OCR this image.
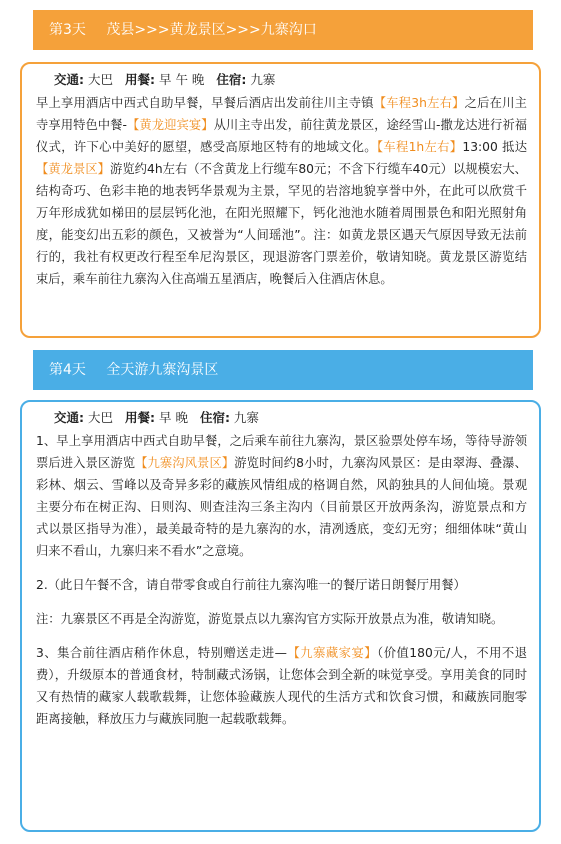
第3天 茂县>>>黄龙景区>>>九寨沟口
交通: 大巴 用餐: 早 午 晚 住宿: 九寨

早上享用酒店中西式自助早餐，早餐后酒店出发前往川主寺镇【车程3h左右】之后在川主寺享用特色中餐-【黄龙迎宾宴】从川主寺出发，前往黄龙景区，途经雪山-撒龙达进行祈福仪式，许下心中美好的愿望，感受高原地区特有的地域文化。【车程1h左右】13:00 抵达【黄龙景区】游览约4h左右（不含黄龙上行缆车80元；不含下行缆车40元）以规模宏大、结构奇巧、色彩丰艳的地表钙华景观为主景，罕见的岩溶地貌享誉中外，在此可以欣赏千万年形成犹如梯田的层层钙化池，在阳光照耀下，钙化池池水随着周围景色和阳光照射角度，能变幻出五彩的颜色，又被誉为“人间瑶池”。注：如黄龙景区遇天气原因导致无法前行的，我社有权更改行程至牟尼沟景区，现退游客门票差价，敬请知晓。黄龙景区游览结束后，乘车前往九寨沟入住高端五星酒店，晚餐后入住酒店休息。

第4天 全天游九寨沟景区
交通: 大巴 用餐: 早 晚 住宿: 九寨

1、早上享用酒店中西式自助早餐，之后乘车前往九寨沟，景区验票处停车场，等待导游领票后进入景区游览【九寨沟风景区】游览时间约8小时，九寨沟风景区：是由翠海、叠瀑、彩林、烟云、雪峰以及奇异多彩的藏族风情组成的格调自然，风韵独具的人间仙境。景观主要分布在树正沟、日则沟、则查洼沟三条主沟内（目前景区开放两条沟，游览景点和方式以景区指导为准），最美最奇特的是九寨沟的水，清冽透底，变幻无穷；细细体味“黄山归来不看山，九寨归来不看水”之意境。

2.（此日午餐不含，请自带零食或自行前往九寨沟唯一的餐厅诺日朗餐厅用餐）

注：九寨景区不再是全沟游览，游览景点以九寨沟官方实际开放景点为准，敬请知晓。

3、集合前往酒店稍作休息，特别赠送走进—【九寨藏家宴】（价值180元/人，不用不退费），升级原本的普通食材，特制藏式汤锅，让您体会到全新的味觉享受。享用美食的同时又有热情的藏家人载歌载舞，让您体验藏族人现代的生活方式和饮食习惯，和藏族同胞零距离接触，释放压力与藏族同胞一起载歌载舞。
